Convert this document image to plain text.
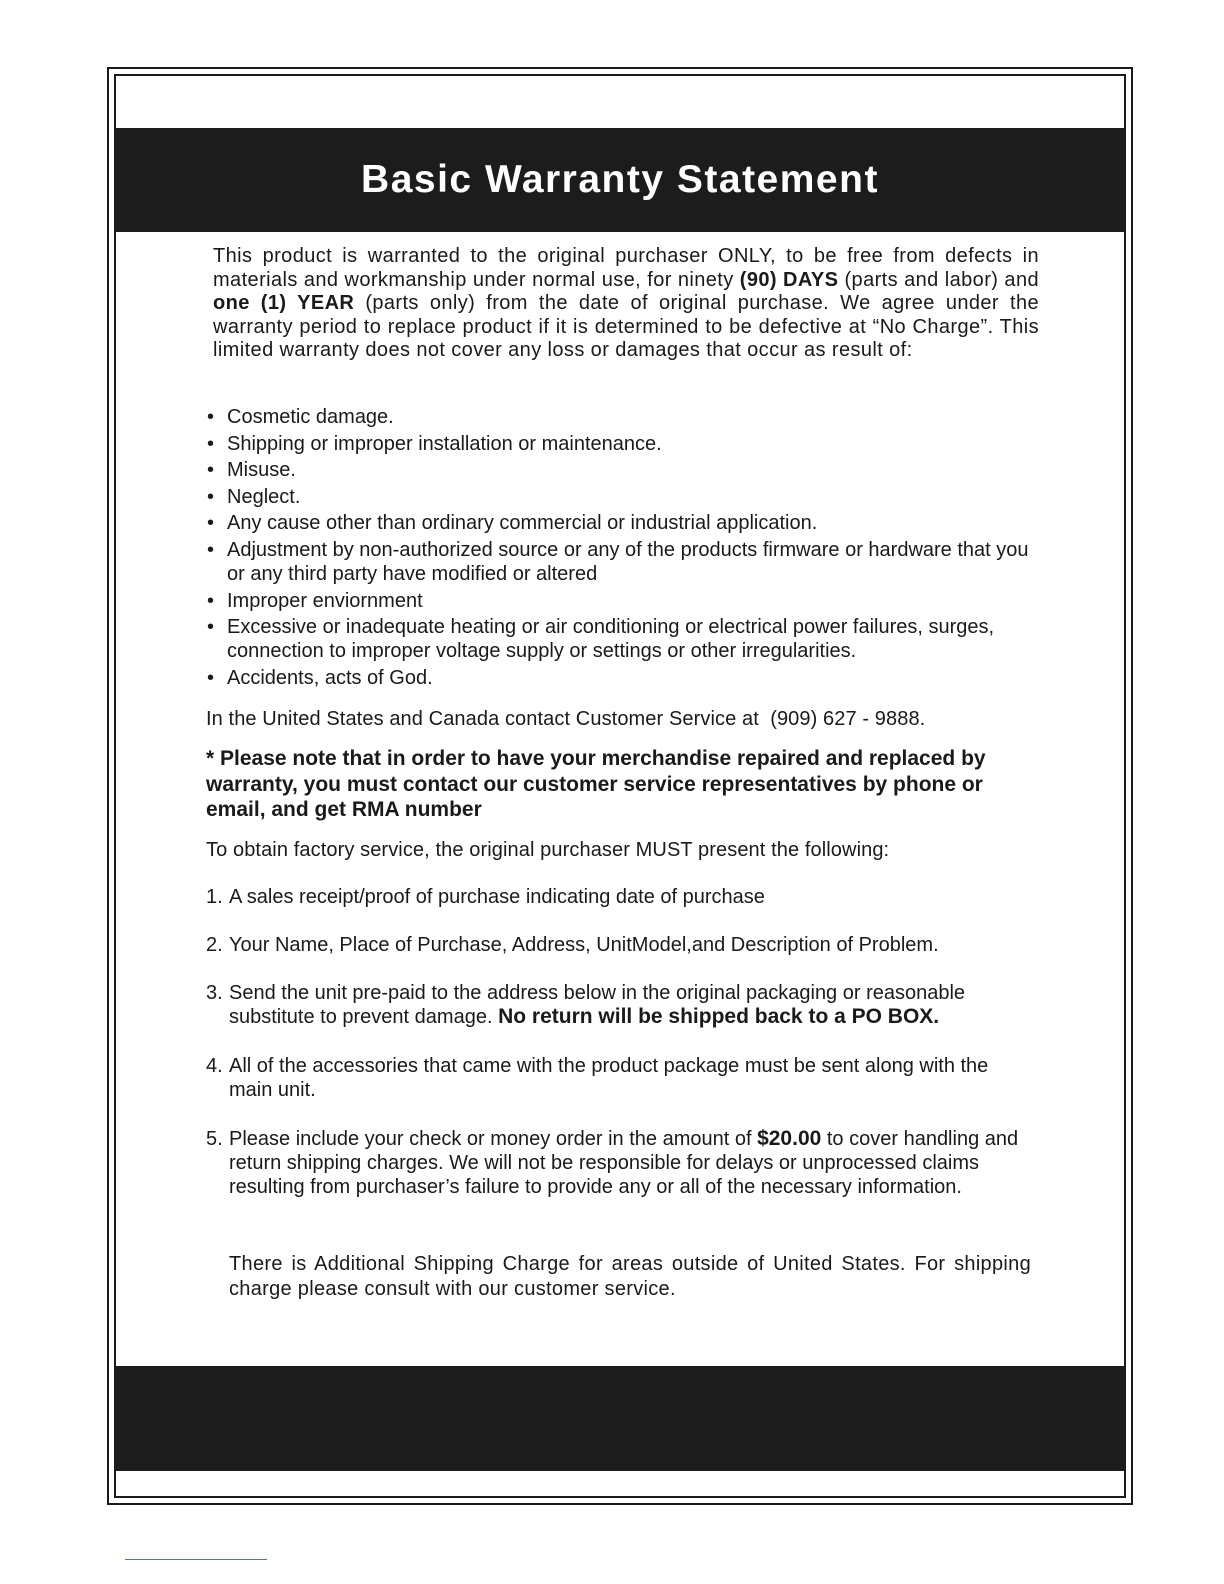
Basic Warranty Statement

This product is warranted to the original purchaser ONLY, to be free from defects in materials and workmanship under normal use, for ninety (90) DAYS (parts and labor) and one (1) YEAR (parts only) from the date of original purchase. We agree under the warranty period to replace product if it is determined to be defective at “No Charge”. This limited warranty does not cover any loss or damages that occur as result of:

• Cosmetic damage.
• Shipping or improper installation or maintenance.
• Misuse.
• Neglect.
• Any cause other than ordinary commercial or industrial application.
• Adjustment by non-authorized source or any of the products firmware or hardware that you or any third party have modified or altered
• Improper enviornment
• Excessive or inadequate heating or air conditioning or electrical power failures, surges, connection to improper voltage supply or settings or other irregularities.
• Accidents, acts of God.

In the United States and Canada contact Customer Service at (909) 627 - 9888.

* Please note that in order to have your merchandise repaired and replaced by warranty, you must contact our customer service representatives by phone or email, and get RMA number

To obtain factory service, the original purchaser MUST present the following:

1. A sales receipt/proof of purchase indicating date of purchase
2. Your Name, Place of Purchase, Address, UnitModel,and Description of Problem.
3. Send the unit pre-paid to the address below in the original packaging or reasonable substitute to prevent damage. No return will be shipped back to a PO BOX.
4. All of the accessories that came with the product package must be sent along with the main unit.
5. Please include your check or money order in the amount of $20.00 to cover handling and return shipping charges. We will not be responsible for delays or unprocessed claims resulting from purchaser’s failure to provide any or all of the necessary information.

There is Additional Shipping Charge for areas outside of United States. For shipping charge please consult with our customer service.
